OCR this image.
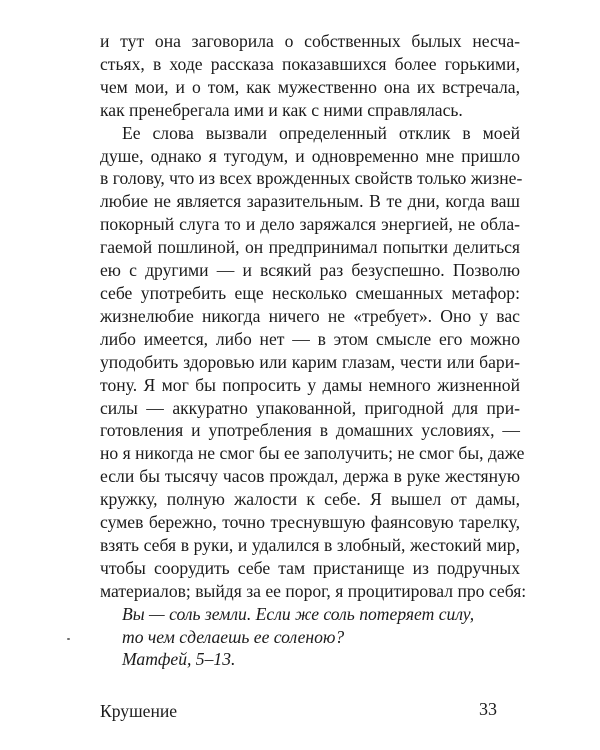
и тут она заговорила о собственных былых несча-
стьях, в ходе рассказа показавшихся более горькими,
чем мои, и о том, как мужественно она их встречала,
как пренебрегала ими и как с ними справлялась.
Ее слова вызвали определенный отклик в моей
душе, однако я тугодум, и одновременно мне пришло
в голову, что из всех врожденных свойств только жизне-
любие не является заразительным. В те дни, когда ваш
покорный слуга то и дело заряжался энергией, не обла-
гаемой пошлиной, он предпринимал попытки делиться
ею с другими — и всякий раз безуспешно. Позволю
себе употребить еще несколько смешанных метафор:
жизнелюбие никогда ничего не «требует». Оно у вас
либо имеется, либо нет — в этом смысле его можно
уподобить здоровью или карим глазам, чести или бари-
тону. Я мог бы попросить у дамы немного жизненной
силы — аккуратно упакованной, пригодной для при-
готовления и употребления в домашних условиях, —
но я никогда не смог бы ее заполучить; не смог бы, даже
если бы тысячу часов прождал, держа в руке жестяную
кружку, полную жалости к себе. Я вышел от дамы,
сумев бережно, точно треснувшую фаянсовую тарелку,
взять себя в руки, и удалился в злобный, жестокий мир,
чтобы соорудить себе там пристанище из подручных
материалов; выйдя за ее порог, я процитировал про себя:
Вы — соль земли. Если же соль потеряет силу,
то чем сделаешь ее соленою?
Матфей, 5–13.
Крушение	33
